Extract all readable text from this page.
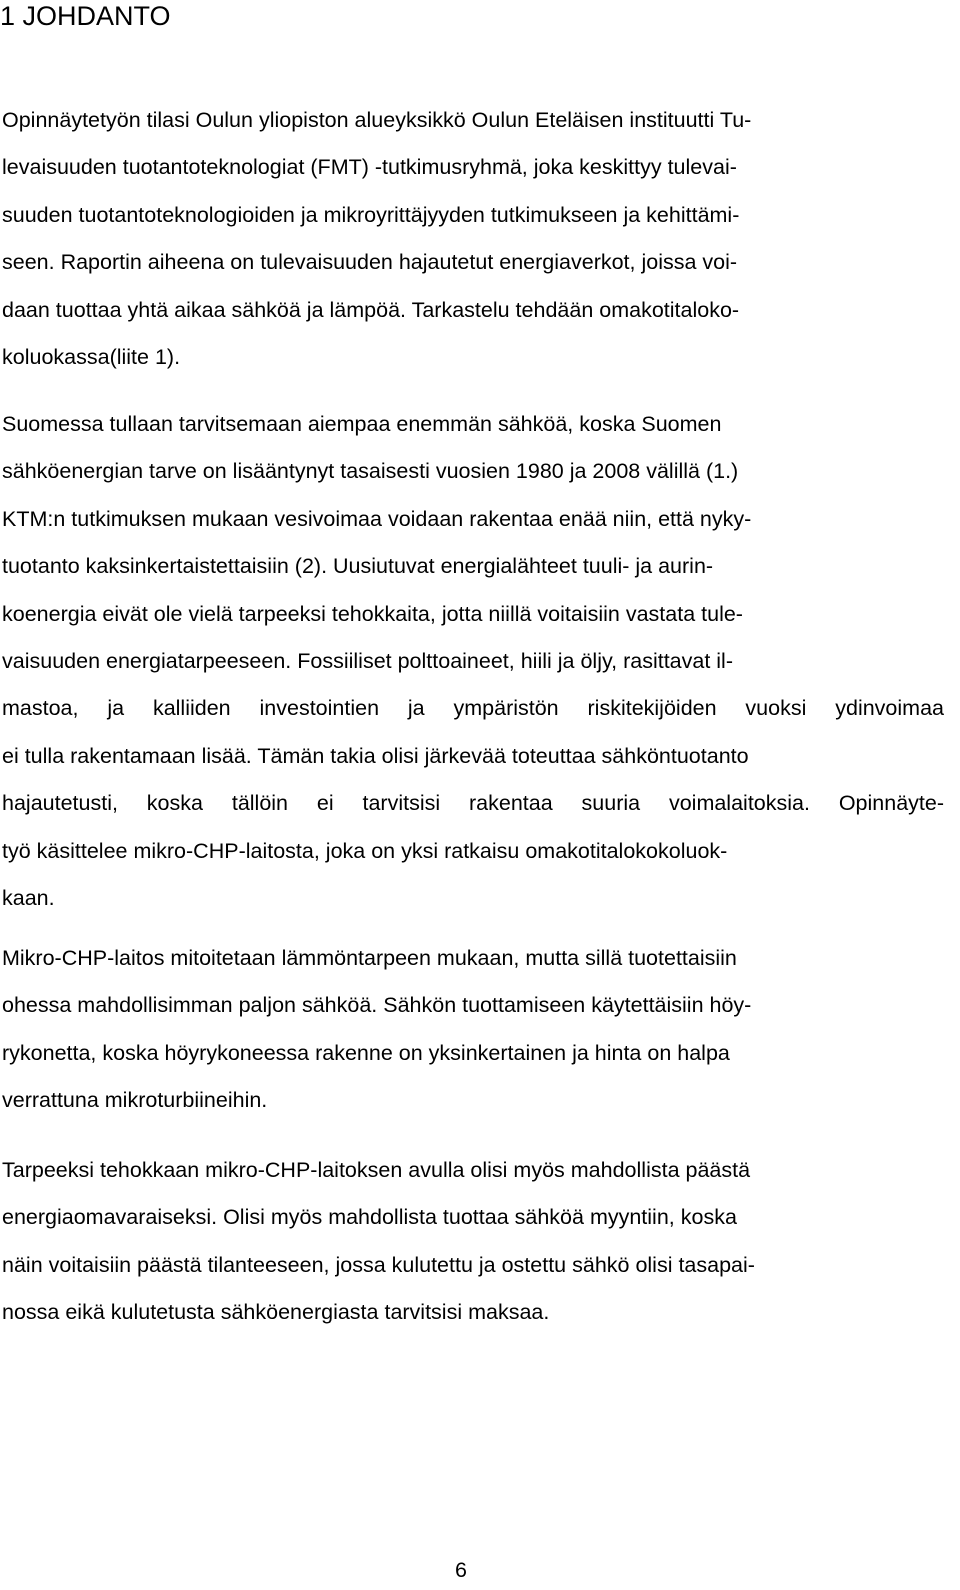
1 JOHDANTO
Opinnäytetyön tilasi Oulun yliopiston alueyksikkö Oulun Eteläisen instituutti Tu-
levaisuuden tuotantoteknologiat (FMT) -tutkimusryhmä, joka keskittyy tulevai-
suuden tuotantoteknologioiden ja mikroyrittäjyyden tutkimukseen ja kehittämi-
seen. Raportin aiheena on tulevaisuuden hajautetut energiaverkot, joissa voi-
daan tuottaa yhtä aikaa sähköä ja lämpöä. Tarkastelu tehdään omakotitaloko-
koluokassa(liite 1).
Suomessa tullaan tarvitsemaan aiempaa enemmän sähköä, koska Suomen
sähköenergian tarve on lisääntynyt tasaisesti vuosien 1980 ja 2008 välillä (1.)
KTM:n tutkimuksen mukaan vesivoimaa voidaan rakentaa enää niin, että nyky-
tuotanto kaksinkertaistettaisiin (2). Uusiutuvat energialähteet tuuli- ja aurin-
koenergia eivät ole vielä tarpeeksi tehokkaita, jotta niillä voitaisiin vastata tule-
vaisuuden energiatarpeeseen. Fossiiliset polttoaineet, hiili ja öljy, rasittavat il-
mastoa, ja kalliiden investointien ja ympäristön riskitekijöiden vuoksi ydinvoimaa
ei tulla rakentamaan lisää. Tämän takia olisi järkevää toteuttaa sähköntuotanto
hajautetusti, koska tällöin ei tarvitsisi rakentaa suuria voimalaitoksia. Opinnäyte-
työ käsittelee mikro-CHP-laitosta, joka on yksi ratkaisu omakotitalokokoluok-
kaan.
Mikro-CHP-laitos mitoitetaan lämmöntarpeen mukaan, mutta sillä tuotettaisiin
ohessa mahdollisimman paljon sähköä. Sähkön tuottamiseen käytettäisiin höy-
rykonetta, koska höyrykoneessa rakenne on yksinkertainen ja hinta on halpa
verrattuna mikroturbiineihin.
Tarpeeksi tehokkaan mikro-CHP-laitoksen avulla olisi myös mahdollista päästä
energiaomavaraiseksi. Olisi myös mahdollista tuottaa sähköä myyntiin, koska
näin voitaisiin päästä tilanteeseen, jossa kulutettu ja ostettu sähkö olisi tasapai-
nossa eikä kulutetusta sähköenergiasta tarvitsisi maksaa.
6
